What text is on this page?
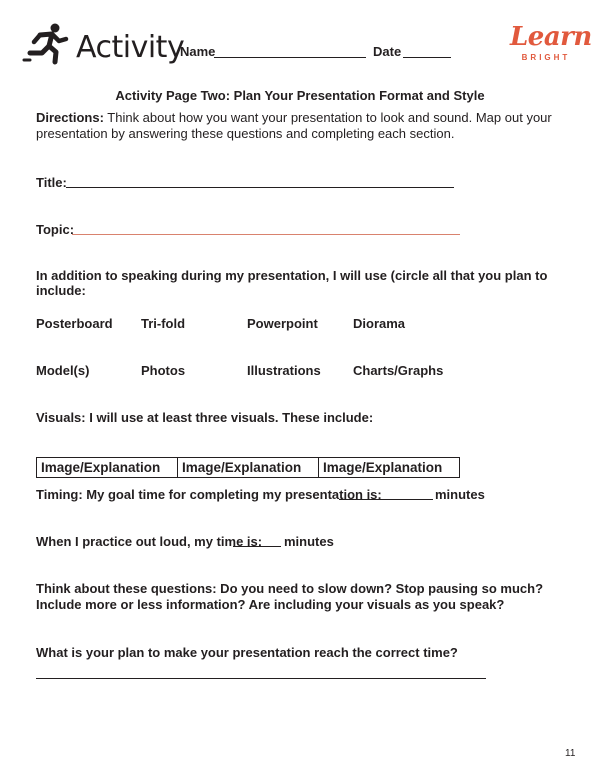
Activity
Name	Date	Learn
BRIGHT
Activity Page Two: Plan Your Presentation Format and Style
Directions: Think about how you want your presentation to look and sound. Map out your presentation by answering these questions and completing each section.
Title:
Topic:
In addition to speaking during my presentation, I will use (circle all that you plan to include:
Posterboard Tri-fold	Powerpoint	Diorama
Model(s)	Photos	Illustrations Charts/Graphs
Visuals: I will use at least three visuals. These include:
Image/Explanation	Image/Explanation	Image/Explanation
Timing: My goal time for completing my presentation is:	minutes
When I practice out loud, my time is: minutes
Think about these questions: Do you need to slow down? Stop pausing so much? Include more or less information? Are including your visuals as you speak?
What is your plan to make your presentation reach the correct time?
11
